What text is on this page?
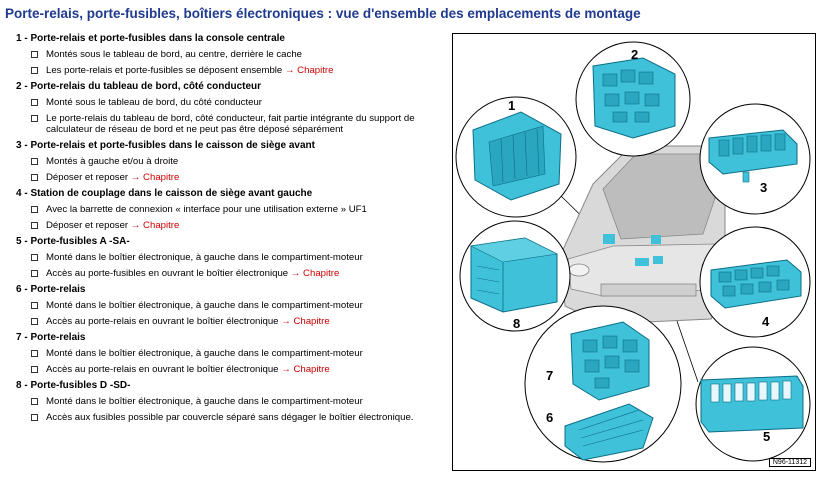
Porte-relais, porte-fusibles, boîtiers électroniques : vue d'ensemble des emplacements de montage
1 - Porte-relais et porte-fusibles dans la console centrale
Montés sous le tableau de bord, au centre, derrière le cache
Les porte-relais et porte-fusibles se déposent ensemble → Chapitre
2 - Porte-relais du tableau de bord, côté conducteur
Monté sous le tableau de bord, du côté conducteur
Le porte-relais du tableau de bord, côté conducteur, fait partie intégrante du support de calculateur de réseau de bord et ne peut pas être déposé séparément
3 - Porte-relais et porte-fusibles dans le caisson de siège avant
Montés à gauche et/ou à droite
Déposer et reposer → Chapitre
4 - Station de couplage dans le caisson de siège avant gauche
Avec la barrette de connexion « interface pour une utilisation externe » UF1
Déposer et reposer → Chapitre
5 - Porte-fusibles A -SA-
Monté dans le boîtier électronique, à gauche dans le compartiment-moteur
Accès au porte-fusibles en ouvrant le boîtier électronique → Chapitre
6 - Porte-relais
Monté dans le boîtier électronique, à gauche dans le compartiment-moteur
Accès au porte-relais en ouvrant le boîtier électronique → Chapitre
7 - Porte-relais
Monté dans le boîtier électronique, à gauche dans le compartiment-moteur
Accès au porte-relais en ouvrant le boîtier électronique → Chapitre
8 - Porte-fusibles D -SD-
Monté dans le boîtier électronique, à gauche dans le compartiment-moteur
Accès aux fusibles possible par couvercle séparé sans dégager le boîtier électronique.
1
2
3
4
5
6
7
8
N96-11312
